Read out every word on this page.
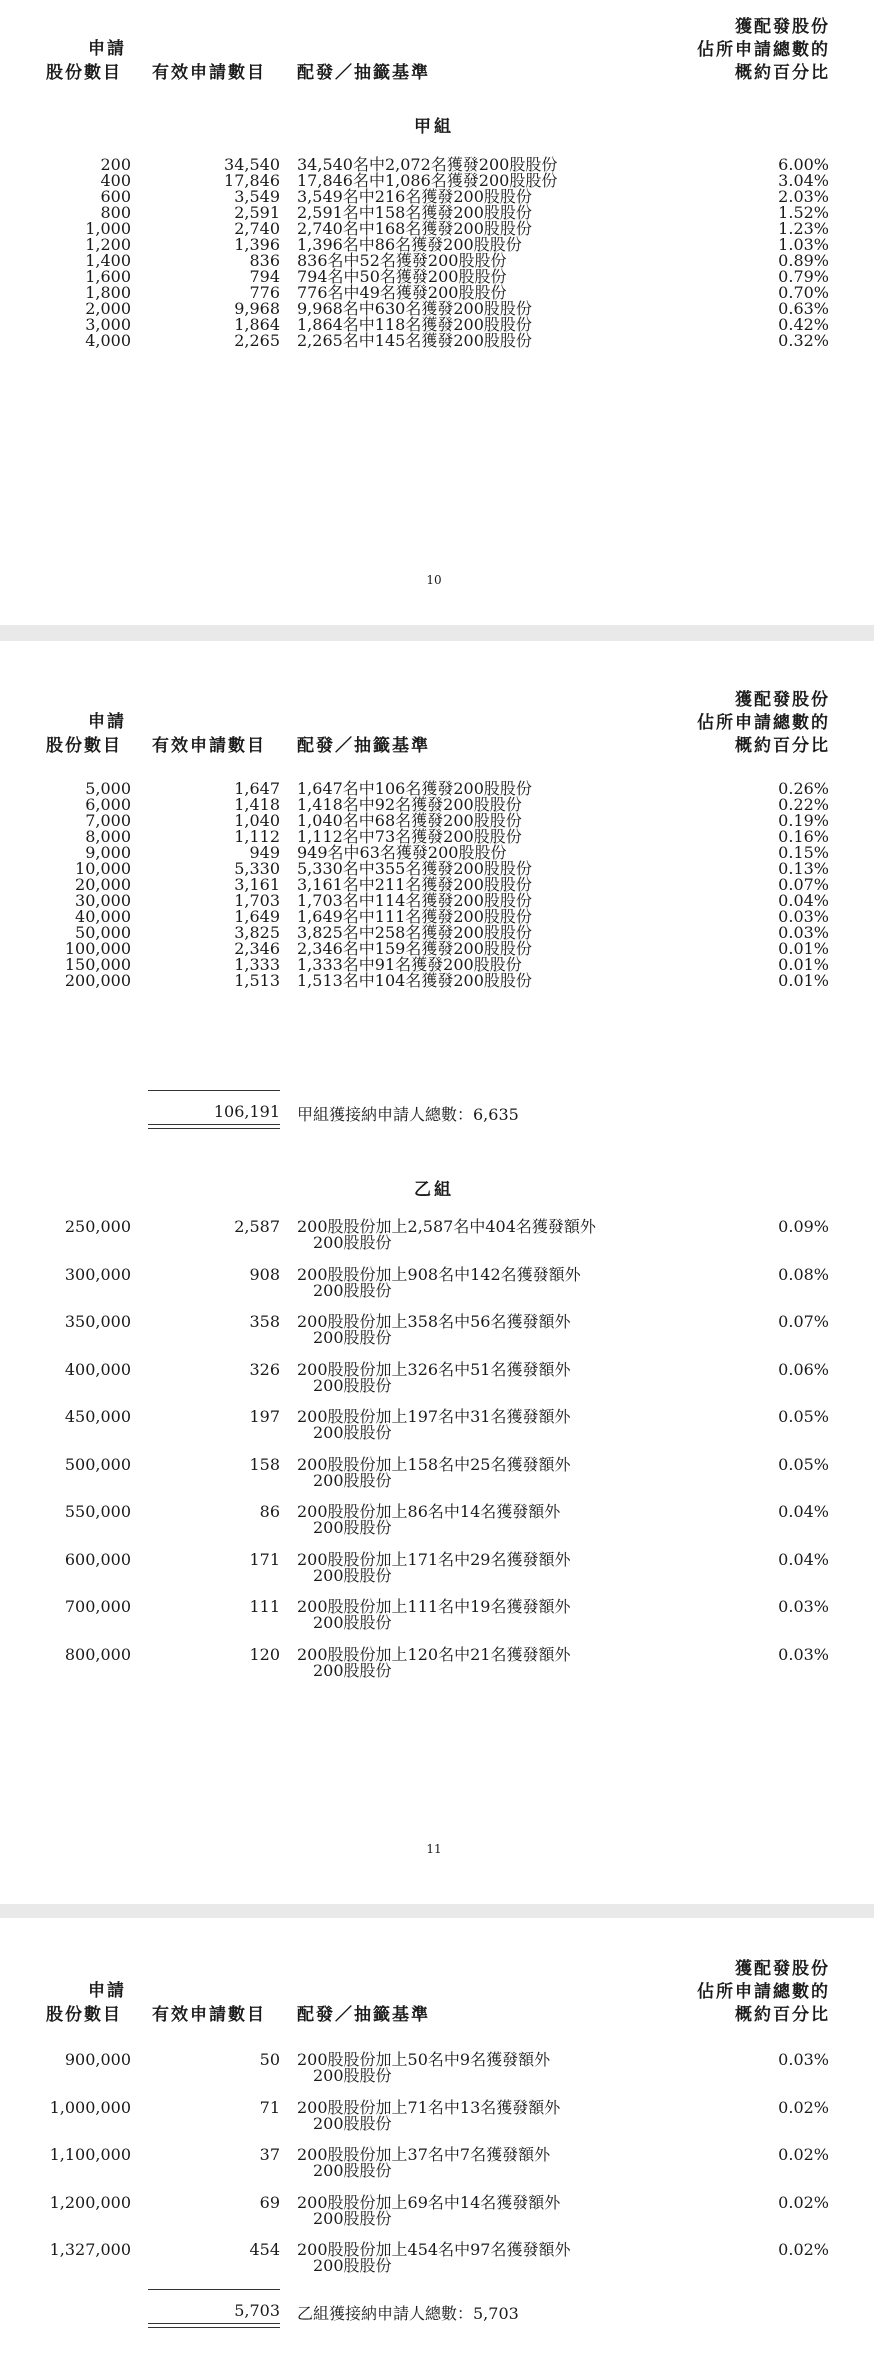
申請
股份數目 有效申請數目 配發／抽籤基準
獲配發股份
佔所申請總數的
概約百分比
甲組
200	34,540 34,540名中2,072名獲發200股股份	6.00%
400	17,846 17,846名中1,086名獲發200股股份	3.04%
600	3,549 3,549名中216名獲發200股股份	2.03%
800	2,591 2,591名中158名獲發200股股份	1.52%
1,000	2,740 2,740名中168名獲發200股股份	1.23%
1,200	1,396 1,396名中86名獲發200股股份	1.03%
1,400	836 836名中52名獲發200股股份	0.89%
1,600	794 794名中50名獲發200股股份	0.79%
1,800	776 776名中49名獲發200股股份	0.70%
2,000	9,968 9,968名中630名獲發200股股份	0.63%
3,000	1,864 1,864名中118名獲發200股股份	0.42%
4,000	2,265 2,265名中145名獲發200股股份	0.32%
10
申請
股份數目 有效申請數目 配發／抽籤基準
獲配發股份
佔所申請總數的
概約百分比
5,000	1,647 1,647名中106名獲發200股股份	0.26%
6,000	1,418 1,418名中92名獲發200股股份	0.22%
7,000	1,040 1,040名中68名獲發200股股份	0.19%
8,000	1,112 1,112名中73名獲發200股股份	0.16%
9,000	949 949名中63名獲發200股股份	0.15%
10,000	5,330 5,330名中355名獲發200股股份	0.13%
20,000	3,161 3,161名中211名獲發200股股份	0.07%
30,000	1,703 1,703名中114名獲發200股股份	0.04%
40,000	1,649 1,649名中111名獲發200股股份	0.03%
50,000	3,825 3,825名中258名獲發200股股份	0.03%
100,000	2,346 2,346名中159名獲發200股股份	0.01%
150,000	1,333 1,333名中91名獲發200股股份	0.01%
200,000	1,513 1,513名中104名獲發200股股份	0.01%
106,191 甲組獲接納申請人總數：6,635
乙組
250,000	2,587 200股股份加上2,587名中404名獲發額外
200股股份
0.09%
300,000	908 200股股份加上908名中142名獲發額外
200股股份
0.08%
350,000	358 200股股份加上358名中56名獲發額外
200股股份
0.07%
400,000	326 200股股份加上326名中51名獲發額外
200股股份
0.06%
450,000	197 200股股份加上197名中31名獲發額外
200股股份
0.05%
500,000	158 200股股份加上158名中25名獲發額外
200股股份
0.05%
550,000	86 200股股份加上86名中14名獲發額外
200股股份
0.04%
600,000	171 200股股份加上171名中29名獲發額外
200股股份
0.04%
700,000	111 200股股份加上111名中19名獲發額外
200股股份
0.03%
800,000	120 200股股份加上120名中21名獲發額外
200股股份
0.03%
11
申請
股份數目 有效申請數目 配發／抽籤基準
獲配發股份
佔所申請總數的
概約百分比
900,000	50 200股股份加上50名中9名獲發額外
200股股份
0.03%
1,000,000	71 200股股份加上71名中13名獲發額外
200股股份
0.02%
1,100,000	37 200股股份加上37名中7名獲發額外
200股股份
0.02%
1,200,000	69 200股股份加上69名中14名獲發額外
200股股份
0.02%
1,327,000	454 200股股份加上454名中97名獲發額外
200股股份
0.02%
5,703 乙組獲接納申請人總數：5,703
